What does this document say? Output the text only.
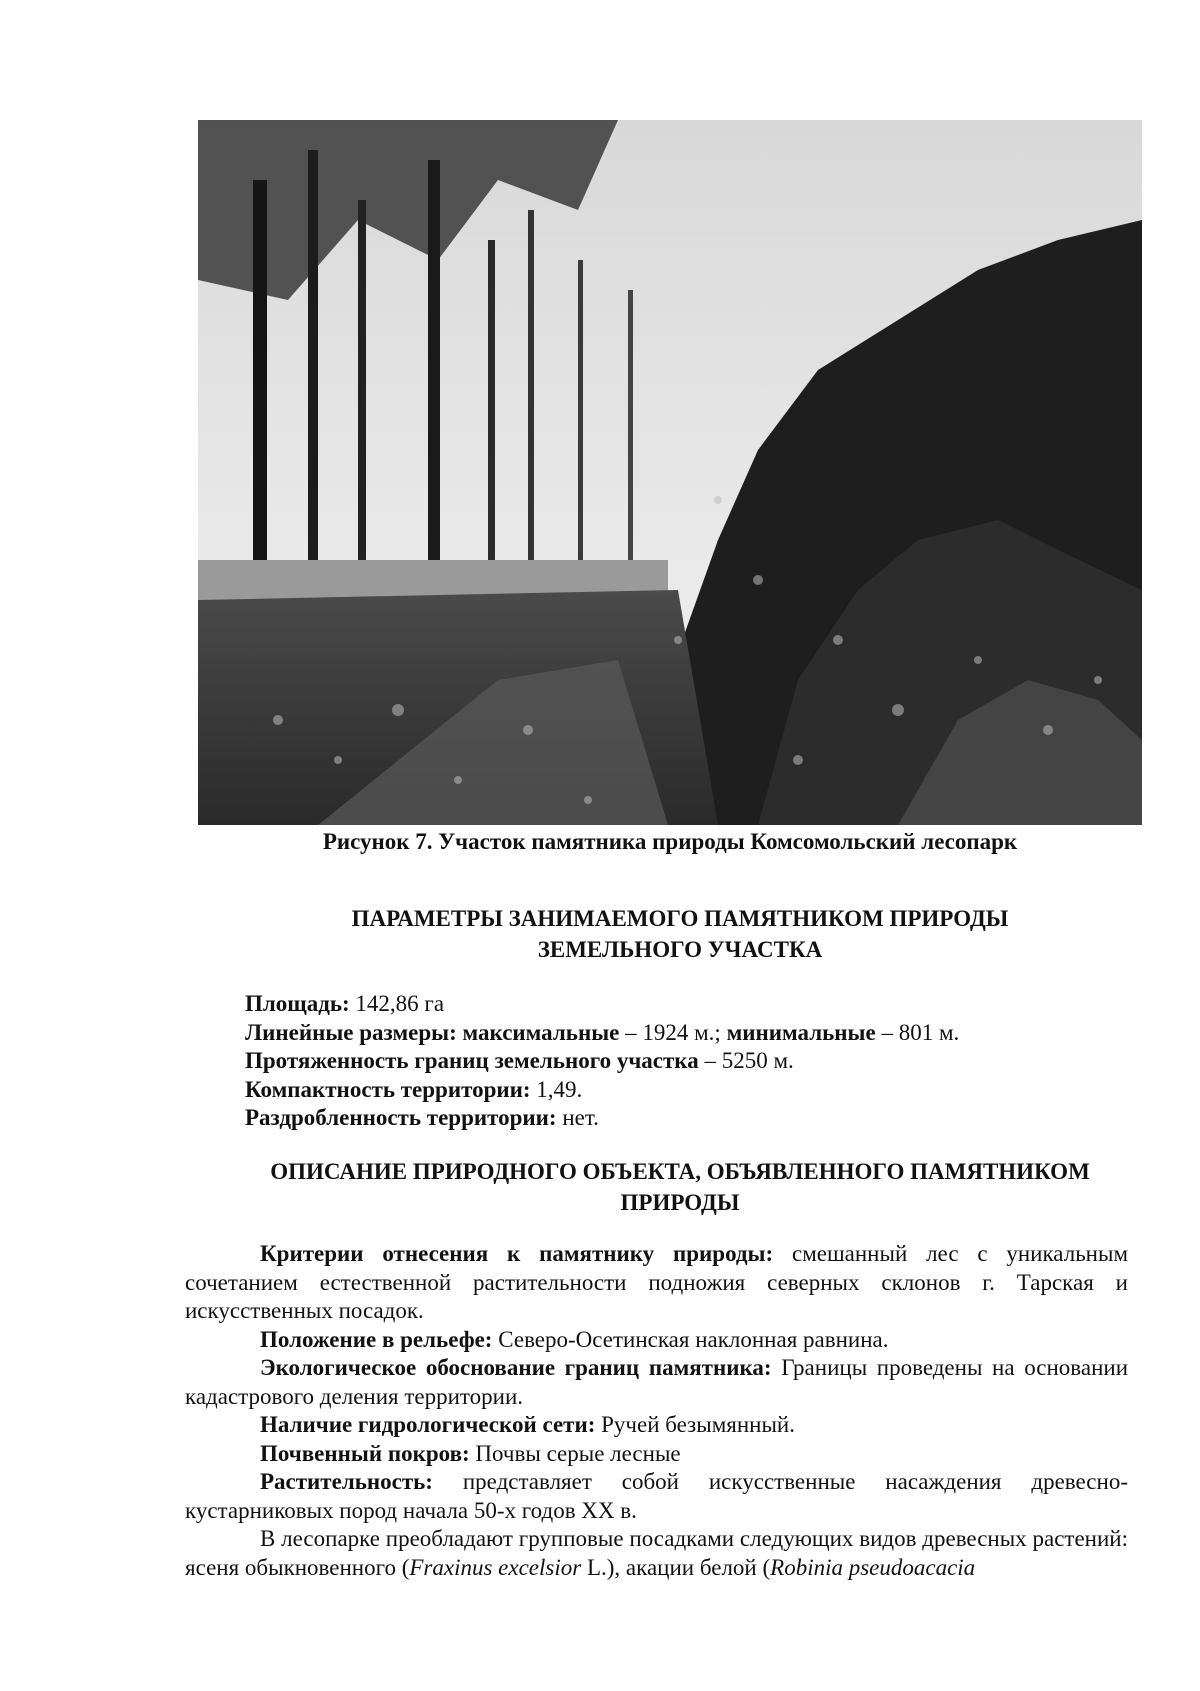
Рисунок 7. Участок памятника природы Комсомольский лесопарк
ПАРАМЕТРЫ ЗАНИМАЕМОГО ПАМЯТНИКОМ ПРИРОДЫ
ЗЕМЕЛЬНОГО УЧАСТКА
Площадь: 142,86 га
Линейные размеры: максимальные – 1924 м.; минимальные – 801 м.
Протяженность границ земельного участка – 5250 м.
Компактность территории: 1,49.
Раздробленность территории: нет.
ОПИСАНИЕ ПРИРОДНОГО ОБЪЕКТА, ОБЪЯВЛЕННОГО ПАМЯТНИКОМ
ПРИРОДЫ

Критерии отнесения к памятнику природы: смешанный лес с уникальным сочетанием естественной растительности подножия северных склонов г. Тарская и искусственных посадок.

Положение в рельефе: Северо-Осетинская наклонная равнина.

Экологическое обоснование границ памятника: Границы проведены на основании кадастрового деления территории.

Наличие гидрологической сети: Ручей безымянный.

Почвенный покров: Почвы серые лесные

Растительность: представляет собой искусственные насаждения древесно-кустарниковых пород начала 50-х годов XX в.

В лесопарке преобладают групповые посадками следующих видов древесных растений: ясеня обыкновенного (Fraxinus excelsior L.), акации белой (Robinia pseudoacacia
